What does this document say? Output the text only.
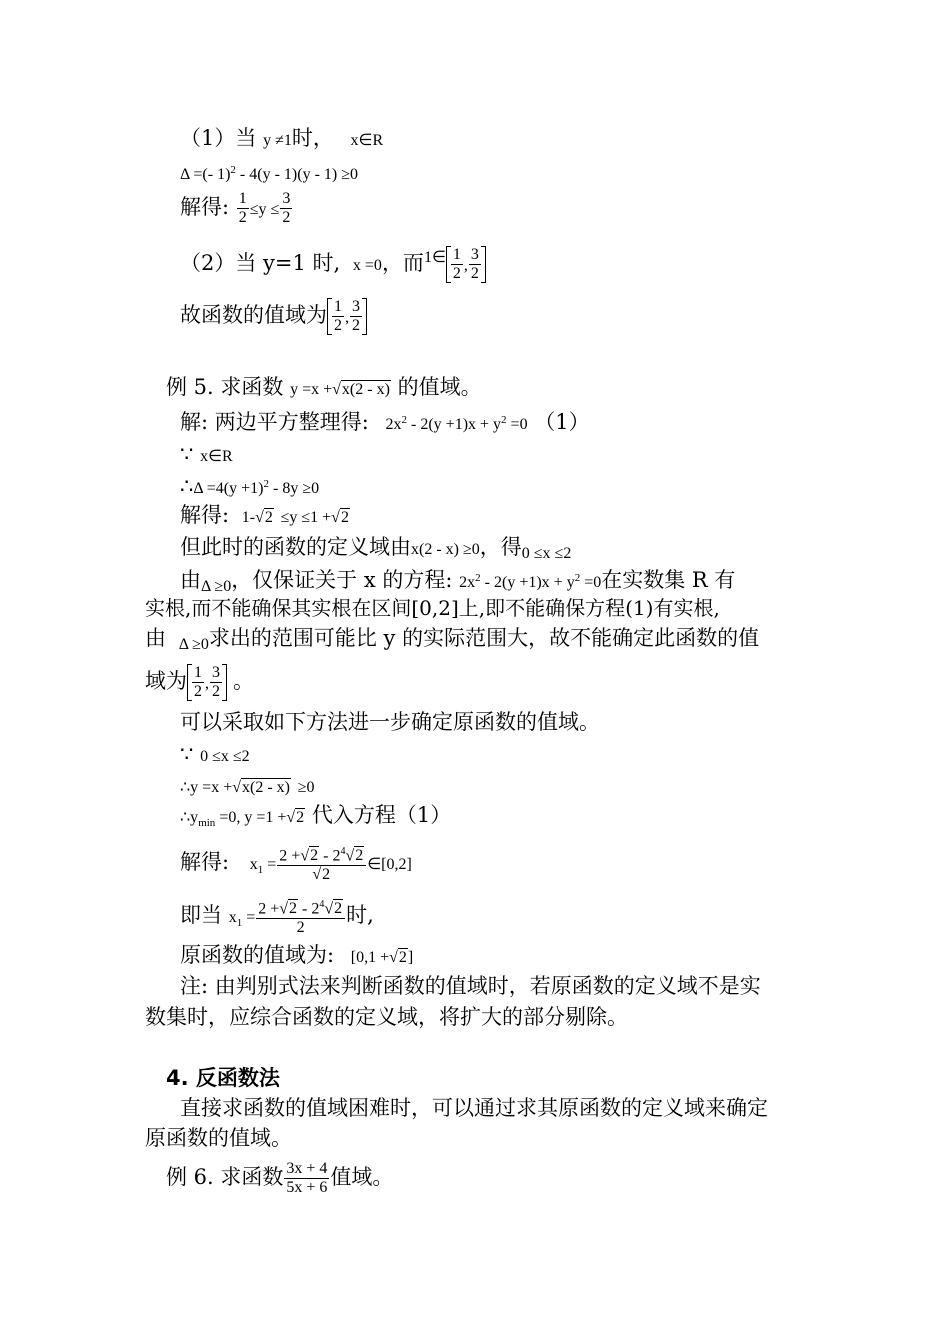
（1）当 y ≠1时， x∈R
Δ =(- 1)$^2$ - 4(y - 1)(y - 1) ≥0
解得: $\frac{1}{2} \le y \le \frac{3}{2}$
（2）当 y=1 时, x =0，而$^{1\in} \frac{1}{2}$ , $\frac{3}{2}$
故函数的值域为 $\frac{1}{2}$ , $\frac{3}{2}$
例 5. 求函数 y =x +√x(2 - x) 的值域。
解: 两边平方整理得: $2x^2 - 2(y +1)x + y^2 =0$ （1）
∵ x∈R
∴Δ $=4(y +1)^2 - 8y \ge 0$
解得: 1-√2 ≤y ≤1 +√2
但此时的函数的定义域由x(2 - x) ≥0，得0 ≤x ≤2
由Δ ≥0，仅保证关于 x 的方程: $2x^2 - 2(y +1)x + y^2 =0$在实数集 R 有
实根,而不能确保其实根在区间[0,2]上,即不能确保方程(1)有实根,
由 Δ ≥0求出的范围可能比 y 的实际范围大，故不能确定此函数的值
域为 $\frac{1}{2}$ , $\frac{3}{2}$ 。
可以采取如下方法进一步确定原函数的值域。
∵ 0 ≤x ≤2
∴y =x +√x(2 - x) ≥0
$\therefore y_{min} =0$, y =1 +√2 代入方程（1）
解得: $x_1 = \frac{2 +√2 - 2^4√2}{√2}$ ∈[0,2]
即当 $x_1 = \frac{2 +√2 - 2^4√2}{2}$ 时,
原函数的值域为: [0,1 +√2]
注: 由判别式法来判断函数的值域时，若原函数的定义域不是实
数集时，应综合函数的定义域，将扩大的部分剔除。
4. 反函数法
直接求函数的值域困难时，可以通过求其原函数的定义域来确定
原函数的值域。
例 6. 求函数 $\frac{3x + 4}{5x + 6}$ 值域。
